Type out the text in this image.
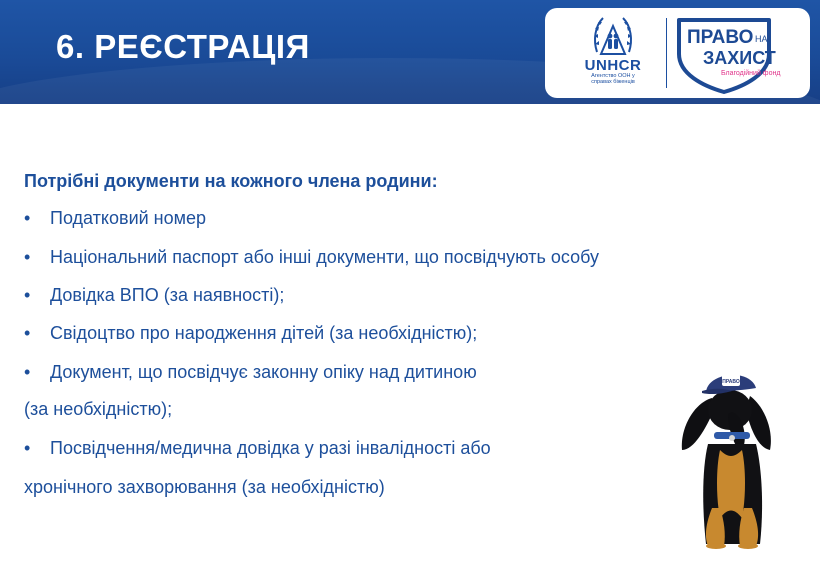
6. РЕЄСТРАЦІЯ
UNHCR
Агентство ООН у
справах біженців
ПРАВО НА
ЗАХИСТ
Благодійний фонд
Потрібні документи на кожного члена родини:
• Податковий номер
• Національний паспорт або інші документи, що посвідчують особу
• Довідка ВПО (за наявності);
• Свідоцтво про народження дітей (за необхідністю);
• Документ, що посвідчує законну опіку над дитиною
(за необхідністю);
• Посвідчення/медична довідка у разі інвалідності або
хронічного захворювання (за необхідністю)
ПРАВО
